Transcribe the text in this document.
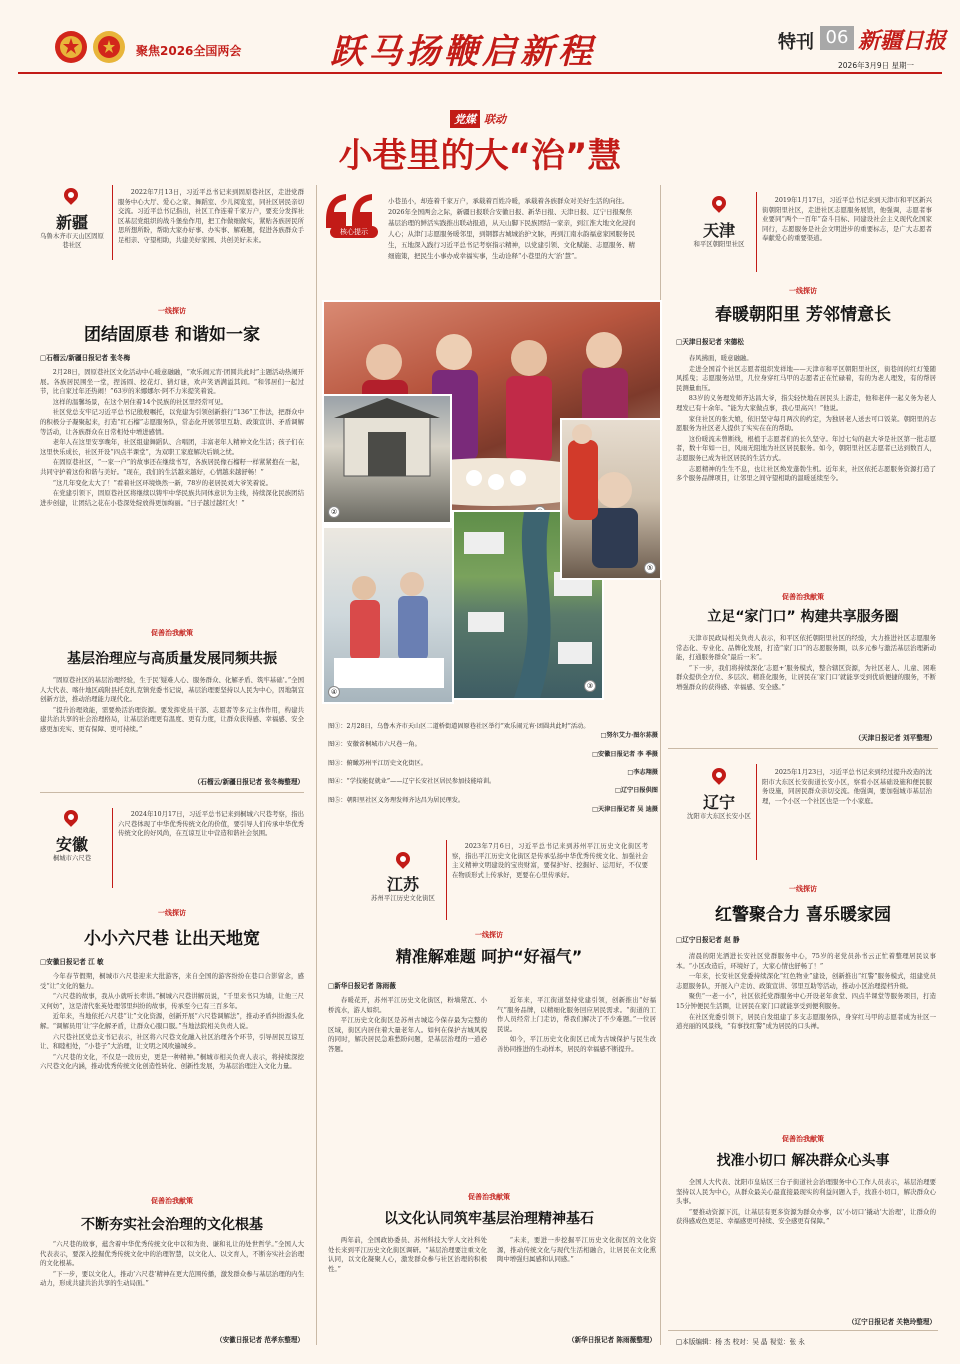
聚焦2026全国两会	跃马扬鞭启新程	特刊 06 新疆日报
2026年3月9日 星期一
党媒 联动
小巷里的大“治”慧
核心提示
小巷虽小，却连着千家万户，承载着百姓冷暖，承载着各族群众对美好生活的向往。2026年全国两会之际，新疆日报联合安徽日报、新华日报、天津日报、辽宁日报聚焦基层治理的鲜活实践推出联动报道，从天山脚下民族团结一家亲，到江淮大地文化浸润人心；从津门志愿服务暖邻里，到钢都古城城治护文脉，再到江南水韵福意家园服务民生，五地深入践行习近平总书记考察指示精神，以党建引领、文化赋能、志愿服务、精细施策，把民生小事办成幸福实事，生动诠释“小巷里的大‘治’慧”。
新疆
乌鲁木齐市天山区固原巷社区
2022年7月13日，习近平总书记来到固原巷社区，走进党群服务中心大厅、爱心之家、舞蹈室、少儿阅览室，同社区居民亲切交流。习近平总书记指出，社区工作连着千家万户，要充分发挥社区基层党组织的战斗堡垒作用，把工作做细做实，紧贴各族居民所思所想所盼，帮助大家办好事、办实事、解难题，促进各族群众手足相亲、守望相助，共建美好家园、共创美好未来。
一线探访
团结固原巷 和谐如一家
□石榴云/新疆日报记者 张冬梅

2月28日，固原巷社区文化活动中心暖意融融，“欢乐闹元宵·团圆共此时”主题活动热闹开展。各族居民围坐一堂，捏汤圆、挖花灯、猜灯谜，欢声笑语满溢其间。“和邻居们一起过节，比自家过年还热闹！”63岁的米娜娜尔·阿不力米提笑着说。

这样的温馨场景，在这个居住着14个民族的社区里经常可见。

社区党总支牢记习近平总书记殷殷嘱托，以党建为引领创新推行“136”工作法，把群众中的积极分子凝聚起来，打造“红石榴”志愿服务队，常态化开展邻里互助、政策宣讲、矛盾调解等活动，让各族群众在日常相处中增进感情。

老年人在这里安享晚年，社区组建舞蹈队、合唱团，丰富老年人精神文化生活；孩子们在这里快乐成长，社区开设“四点半课堂”，为双职工家庭解决后顾之忧。

在固原巷社区，“一家一户”的故事还在继续书写，各族居民像石榴籽一样紧紧抱在一起，共同守护着这份和谐与美好。“现在，我们的生活越来越好，心情越来越舒畅！”

“这几年变化太大了！”看着社区环境焕然一新，78岁的老居民刘大爷笑着说。

在党建引领下，固原巷社区将继续以铸牢中华民族共同体意识为主线，持续深化民族团结进步创建，让团结之花在小巷深处绽放得更加绚丽。“日子越过越红火！”

促善治我献策
基层治理应与高质量发展同频共振

“固原巷社区的基层治理经验，生于民‘疑难人心、服务群众、化解矛盾、筑牢基础’。”全国人大代表、喀什地区疏附县托克扎克镇党委书记说，基层治理要坚持以人民为中心，因地制宜创新方法，推动治理能力现代化。

“提升治理效能，需要焕活治理资源。要发挥党员干部、志愿者等多元主体作用，构建共建共治共享的社会治理格局，让基层治理更有温度、更有力度，让群众获得感、幸福感、安全感更加充实、更有保障、更可持续。”

（石榴云/新疆日报记者 张冬梅整理）
安徽
桐城市六尺巷
2024年10月17日，习近平总书记来到桐城六尺巷考察，指出六尺巷体现了中华优秀传统文化的价值，要引导人们传承中华优秀传统文化的好风尚，在互谅互让中营造和谐社会氛围。
一线探访
小小六尺巷 让出天地宽
□安徽日报记者 江 敏

今年春节假期，桐城市六尺巷迎来大批游客，来自全国的游客纷纷在巷口合影留念，感受“让”文化的魅力。

“六尺巷的故事，我从小就听长辈讲。”桐城六尺巷讲解员说，“千里来书只为墙，让他三尺又何妨”，这是清代张英处理邻里纠纷的故事，传承至今已有三百多年。

近年来，当地依托六尺巷“让”文化资源，创新开展“六尺巷调解法”，推动矛盾纠纷源头化解。“调解员用‘让’字化解矛盾，让群众心服口服。”当地法院相关负责人说。

六尺巷社区党总支书记表示，社区将六尺巷文化融入社区治理各个环节，引导居民互谅互让、和睦相处，“小巷子”大治理，让文明之风吹遍城乡。

“六尺巷的文化，不仅是一段历史，更是一种精神。”桐城市相关负责人表示，将持续深挖六尺巷文化内涵，推动优秀传统文化创造性转化、创新性发展，为基层治理注入文化力量。

促善治我献策
不断夯实社会治理的文化根基

“六尺巷的故事，蕴含着中华优秀传统文化中以和为贵、谦和礼让的处世哲学。”全国人大代表表示，要深入挖掘优秀传统文化中的治理智慧，以文化人、以文育人，不断夯实社会治理的文化根基。

“下一步，要以文化人，推动‘六尺巷’精神在更大范围传播，激发群众参与基层治理的内生动力，形成共建共治共享的生动局面。”

（安徽日报记者 范孝东整理）
②
③
④
⑤
图①：2月28日，乌鲁木齐市天山区二道桥街道固原巷社区举行“欢乐闹元宵·团圆共此时”活动。
□努尔艾力·图尔荪摄
图②：安徽省桐城市六尺巷一角。
□安徽日报记者 李 季摄
图③：俯瞰苏州平江历史文化街区。
□李志翔摄
图④：“学技能促就业”——辽宁长安社区居民参加技能培训。
□辽宁日报供图
图⑤：朝阳里社区义务理发师齐达昌为居民理发。
□天津日报记者 吴 迪摄
江苏
苏州平江历史文化街区
2023年7月6日，习近平总书记来到苏州平江历史文化街区考察，指出平江历史文化街区是传承弘扬中华优秀传统文化、加强社会主义精神文明建设的宝贵财富，要保护好、挖掘好、运用好，不仅要在物质形式上传承好，更要在心里传承好。
一线探访
精准解难题 呵护“好福气”
□新华日报记者 陈雨薇

春暖花开，苏州平江历史文化街区，粉墙黛瓦、小桥流水，游人如织。

平江历史文化街区是苏州古城迄今保存最为完整的区域，街区内居住着大量老年人。如何在保护古城风貌的同时，解决居民急难愁盼问题，是基层治理的一道必答题。

近年来，平江街道坚持党建引领，创新推出“好福气”服务品牌，以精细化服务回应居民需求。“街道的工作人员经常上门走访，帮我们解决了不少难题。”一位居民说。

如今，平江历史文化街区已成为古城保护与民生改善协同推进的生动样本，居民的幸福感不断提升。

促善治我献策
以文化认同筑牢基层治理精神基石

两年前，全国政协委员、苏州科技大学人文社科处处长来到平江历史文化街区调研。“基层治理要注重文化认同，以文化凝聚人心，激发群众参与社区治理的积极性。”

“未来，要进一步挖掘平江历史文化街区的文化资源，推动传统文化与现代生活相融合，让居民在文化熏陶中增强归属感和认同感。”

（新华日报记者 陈雨薇整理）
天津
和平区朝阳里社区
2019年1月17日，习近平总书记来到天津市和平区新兴街朝阳里社区，走进社区志愿服务展馆，他强调，志愿者事业要同“两个一百年”奋斗目标、同建设社会主义现代化国家同行，志愿服务是社会文明进步的重要标志，是广大志愿者奉献爱心的重要渠道。
一线探访
春暖朝阳里 芳邻情意长
□天津日报记者 宋德松

春风拂面，暖意融融。

走进全国首个社区志愿者组织发祥地——天津市和平区朝阳里社区，街巷间的红灯笼随风摇曳；志愿服务站里，几位身穿红马甲的志愿者正在忙碌着，有的为老人理发，有的帮居民测量血压。

83岁的义务理发师齐达昌大爷，指尖轻快地在居民头上游走，他和老伴一起义务为老人理发已有十余年。“能为大家做点事，我心里高兴！”他说。

家住社区的张大娘，依旧坚守每月两次的约定，为独居老人送去可口饭菜。朝阳里的志愿服务为社区老人提供了实实在在的帮助。

这份暖流未曾断线，根植于志愿者们的长久坚守。年过七旬的赵大爷是社区第一批志愿者，数十年如一日，风雨无阻地为社区居民服务。如今，朝阳里社区志愿者已达到数百人，志愿服务已成为社区居民的生活方式。

志愿精神的生生不息，也让社区焕发蓬勃生机。近年来，社区依托志愿服务资源打造了多个服务品牌项目，让邻里之间守望相助的温暖延续至今。

促善治我献策
立足“家门口” 构建共享服务圈

天津市民政局相关负责人表示，和平区依托朝阳里社区的经验，大力推进社区志愿服务常态化、专业化、品牌化发展，打造“家门口”的志愿服务圈，以多元参与激活基层治理新动能，打通服务群众“最后一米”。

“下一步，我们将持续深化‘志愿+’服务模式，整合辖区资源，为社区老人、儿童、困难群众提供全方位、多层次、精准化服务，让居民在‘家门口’就能享受到优质便捷的服务，不断增强群众的获得感、幸福感、安全感。”

（天津日报记者 刘平整理）
辽宁
沈阳市大东区长安小区
2025年1月23日，习近平总书记来到经过提升改造的沈阳市大东区长安街道长安小区，察看小区基础设施和便民服务设施，同居民群众亲切交流。他强调，要加强城市基层治理，一个小区一个社区也是一个小家庭。
一线探访
红警聚合力 喜乐暖家园
□辽宁日报记者 赵 静

清晨的阳光洒进长安社区党群服务中心，75岁的老党员孙书云正忙着整理居民议事本。“小区改造后，环境好了，大家心情也舒畅了！”

一年来，长安社区党委持续深化“红色物业”建设，创新推出“红警”服务模式，组建党员志愿服务队，开展入户走访、政策宣讲、邻里互助等活动，推动小区治理提档升级。

聚焦“一老一小”，社区依托党群服务中心开设老年食堂、四点半课堂等服务项目，打造15分钟便民生活圈，让居民在家门口就能享受到便利服务。

在社区党委引领下，居民自发组建了多支志愿服务队，身穿红马甲的志愿者成为社区一道亮丽的风景线，“有事找红警”成为居民的口头禅。

促善治我献策
找准小切口 解决群众心头事

全国人大代表、沈阳市皇姑区三台子街道社会治理服务中心工作人员表示，基层治理要坚持以人民为中心，从群众最关心最直接最现实的利益问题入手，找准小切口，解决群众心头事。

“要推动资源下沉，让基层有更多资源为群众办事，以‘小切口’撬动‘大治理’，让群众的获得感成色更足、幸福感更可持续、安全感更有保障。”

（辽宁日报记者 关艳玲整理）
□本版编辑：杨 杰 校对：吴 晶 视觉：张 永
